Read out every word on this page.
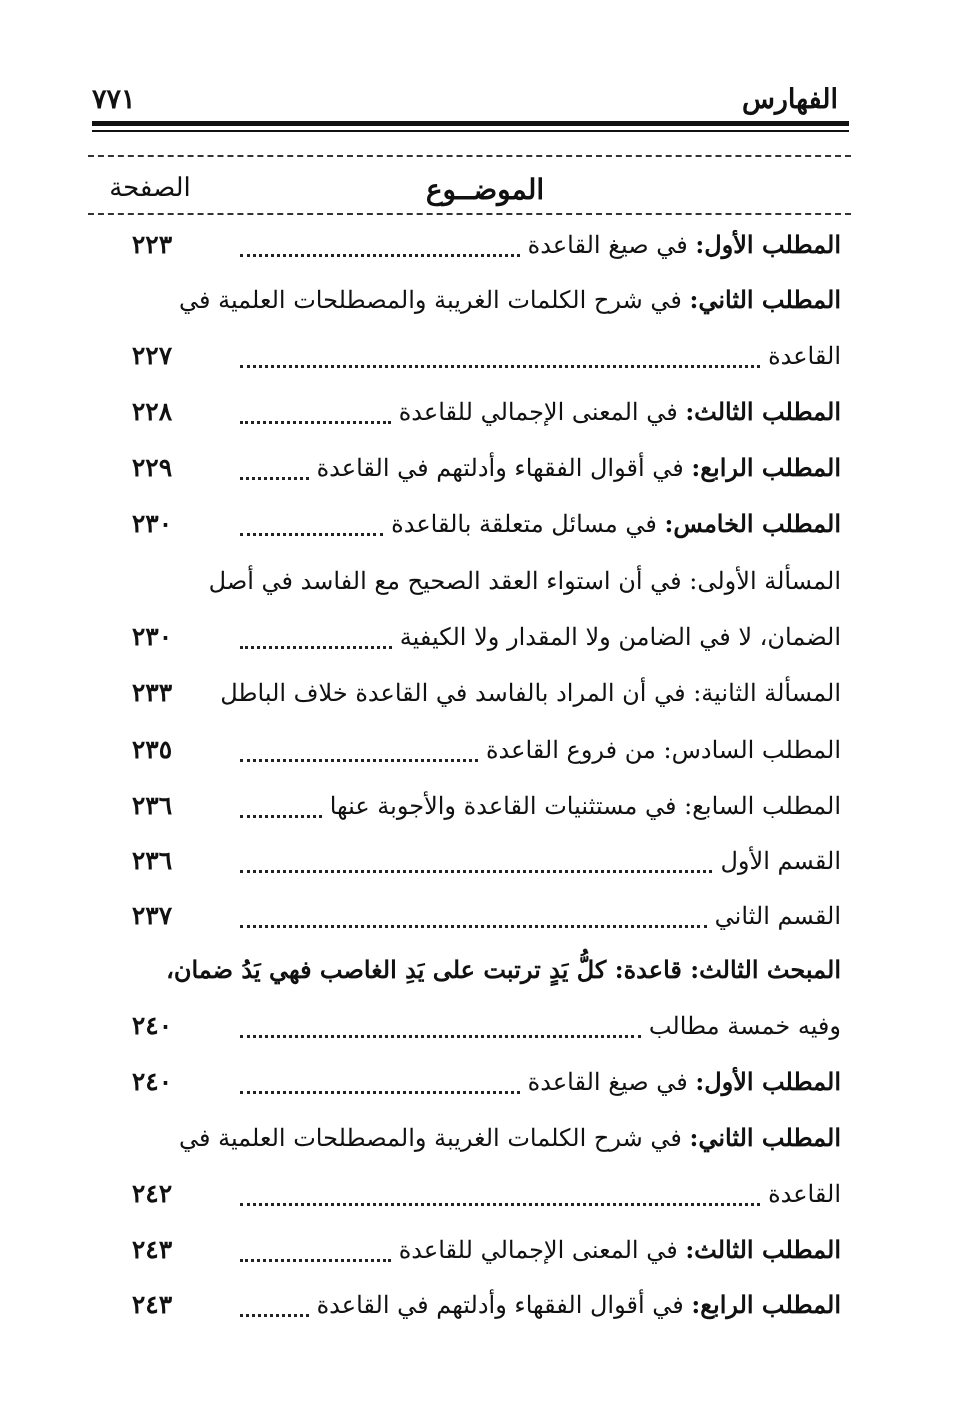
الفهارس
٧٧١
الموضــوع
الصفحة
المطلب الأول: في صيغ القاعدة
٢٢٣
المطلب الثاني: في شرح الكلمات الغريبة والمصطلحات العلمية في
القاعدة
٢٢٧
المطلب الثالث: في المعنى الإجمالي للقاعدة
٢٢٨
المطلب الرابع: في أقوال الفقهاء وأدلتهم في القاعدة
٢٢٩
المطلب الخامس: في مسائل متعلقة بالقاعدة
٢٣٠
المسألة الأولى: في أن استواء العقد الصحيح مع الفاسد في أصل
الضمان، لا في الضامن ولا المقدار ولا الكيفية
٢٣٠
المسألة الثانية: في أن المراد بالفاسد في القاعدة خلاف الباطل
٢٣٣
المطلب السادس: من فروع القاعدة
٢٣٥
المطلب السابع: في مستثنيات القاعدة والأجوبة عنها
٢٣٦
القسم الأول
٢٣٦
القسم الثاني
٢٣٧
المبحث الثالث: قاعدة: كلُّ يَدٍ ترتبت على يَدِ الغاصب فهي يَدُ ضمان،
وفيه خمسة مطالب
٢٤٠
المطلب الأول: في صيغ القاعدة
٢٤٠
المطلب الثاني: في شرح الكلمات الغريبة والمصطلحات العلمية في
القاعدة
٢٤٢
المطلب الثالث: في المعنى الإجمالي للقاعدة
٢٤٣
المطلب الرابع: في أقوال الفقهاء وأدلتهم في القاعدة
٢٤٣
